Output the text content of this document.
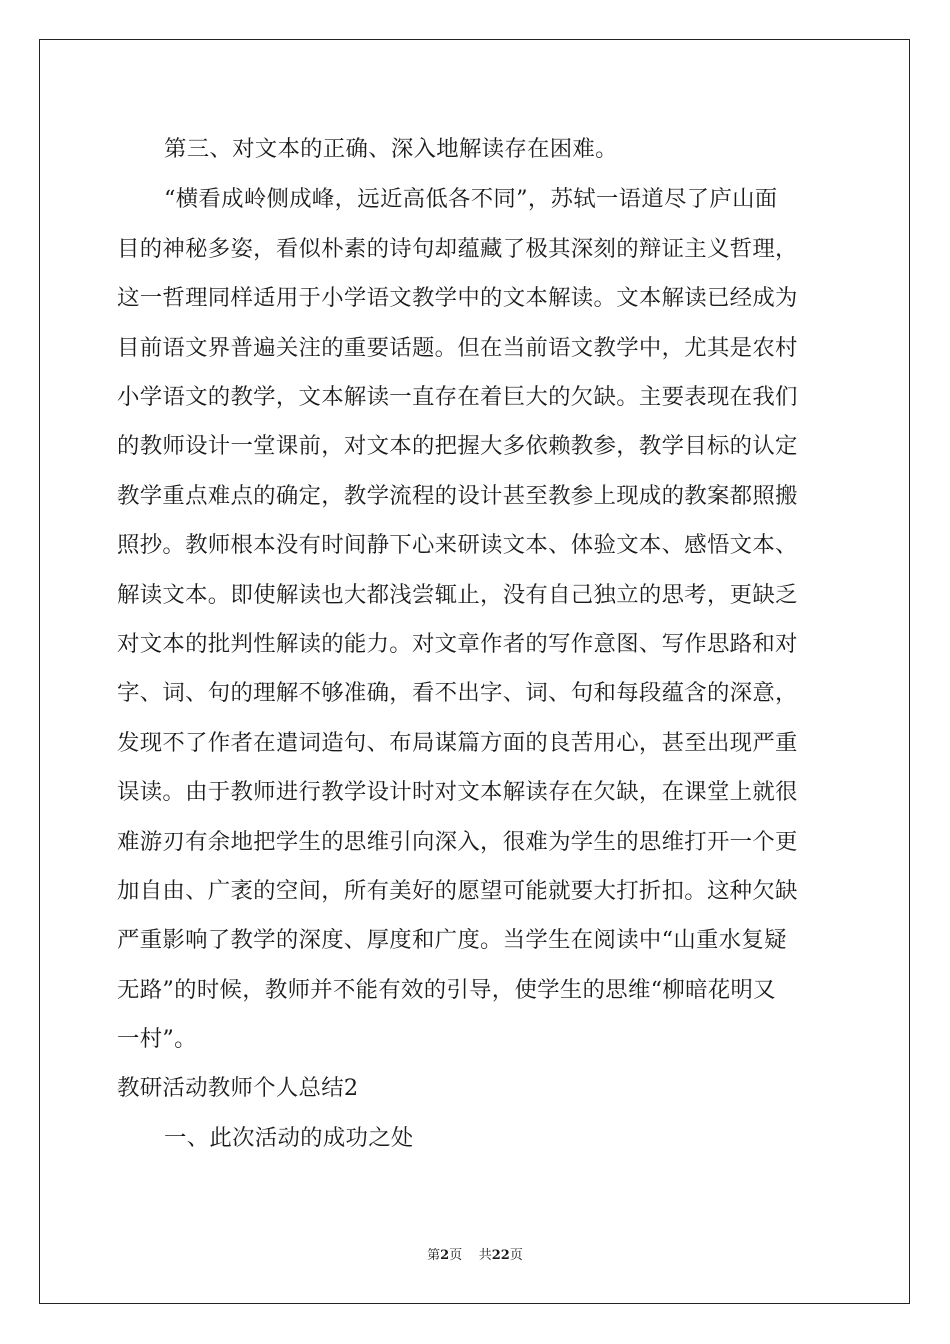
第三、对文本的正确、深入地解读存在困难。
“横看成岭侧成峰，远近高低各不同”，苏轼一语道尽了庐山面
目的神秘多姿，看似朴素的诗句却蕴藏了极其深刻的辩证主义哲理，
这一哲理同样适用于小学语文教学中的文本解读。文本解读已经成为
目前语文界普遍关注的重要话题。但在当前语文教学中，尤其是农村
小学语文的教学，文本解读一直存在着巨大的欠缺。主要表现在我们
的教师设计一堂课前，对文本的把握大多依赖教参，教学目标的认定
教学重点难点的确定，教学流程的设计甚至教参上现成的教案都照搬
照抄。教师根本没有时间静下心来研读文本、体验文本、感悟文本、
解读文本。即使解读也大都浅尝辄止，没有自己独立的思考，更缺乏
对文本的批判性解读的能力。对文章作者的写作意图、写作思路和对
字、词、句的理解不够准确，看不出字、词、句和每段蕴含的深意，
发现不了作者在遣词造句、布局谋篇方面的良苦用心，甚至出现严重
误读。由于教师进行教学设计时对文本解读存在欠缺，在课堂上就很
难游刃有余地把学生的思维引向深入，很难为学生的思维打开一个更
加自由、广袤的空间，所有美好的愿望可能就要大打折扣。这种欠缺
严重影响了教学的深度、厚度和广度。当学生在阅读中“山重水复疑
无路”的时候，教师并不能有效的引导，使学生的思维“柳暗花明又
一村”。
教研活动教师个人总结2
一、此次活动的成功之处
第2页 共22页
